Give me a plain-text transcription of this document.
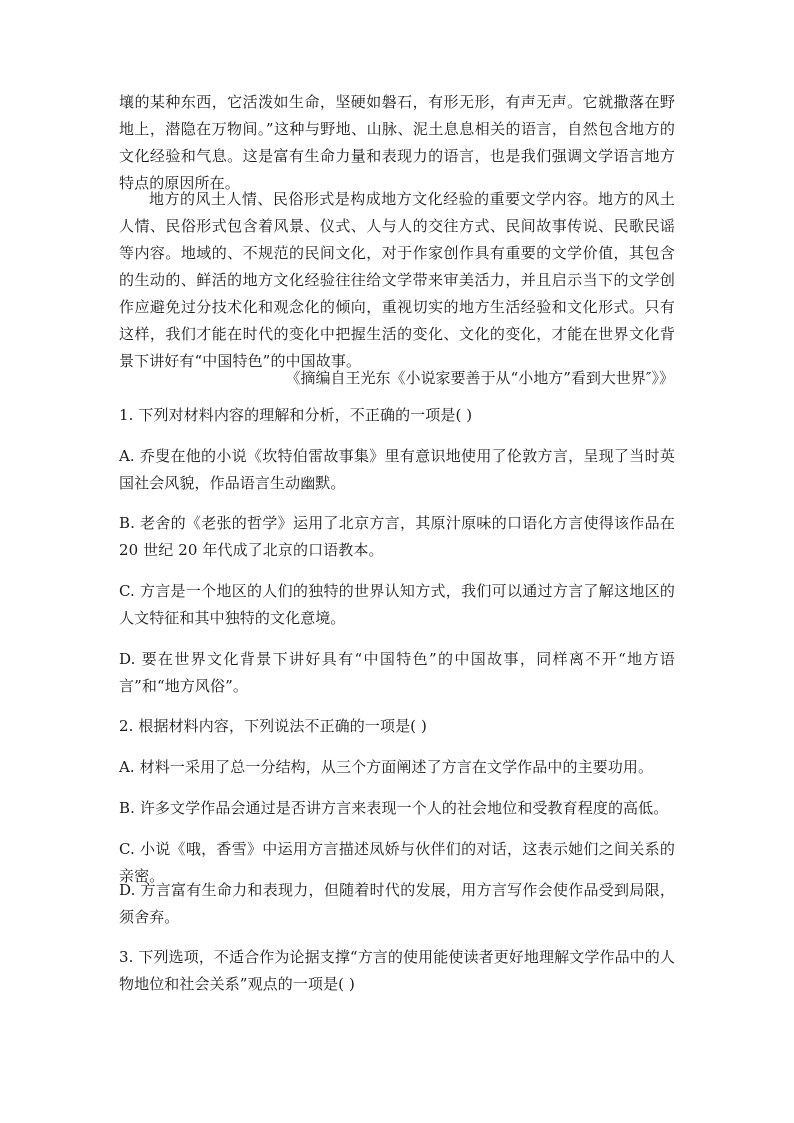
壤的某种东西，它活泼如生命，坚硬如磐石，有形无形，有声无声。它就撒落在野地上，潜隐在万物间。”这种与野地、山脉、泥土息息相关的语言，自然包含地方的文化经验和气息。这是富有生命力量和表现力的语言，也是我们强调文学语言地方特点的原因所在。

地方的风土人情、民俗形式是构成地方文化经验的重要文学内容。地方的风土人情、民俗形式包含着风景、仪式、人与人的交往方式、民间故事传说、民歌民谣等内容。地域的、不规范的民间文化，对于作家创作具有重要的文学价值，其包含的生动的、鲜活的地方文化经验往往给文学带来审美活力，并且启示当下的文学创作应避免过分技术化和观念化的倾向，重视切实的地方生活经验和文化形式。只有这样，我们才能在时代的变化中把握生活的变化、文化的变化，才能在世界文化背景下讲好有“中国特色”的中国故事。

《摘编自王光东《小说家要善于从“小地方”看到大世界″》》

1. 下列对材料内容的理解和分析，不正确的一项是( )

A. 乔叟在他的小说《坎特伯雷故事集》里有意识地使用了伦敦方言，呈现了当时英国社会风貌，作品语言生动幽默。

B. 老舍的《老张的哲学》运用了北京方言，其原汁原味的口语化方言使得该作品在 20 世纪 20 年代成了北京的口语教本。

C. 方言是一个地区的人们的独特的世界认知方式，我们可以通过方言了解这地区的人文特征和其中独特的文化意境。

D. 要在世界文化背景下讲好具有“中国特色”的中国故事，同样离不开“地方语言”和“地方风俗”。

2. 根据材料内容，下列说法不正确的一项是( )

A. 材料一采用了总一分结构，从三个方面阐述了方言在文学作品中的主要功用。

B. 许多文学作品会通过是否讲方言来表现一个人的社会地位和受教育程度的高低。

C. 小说《哦，香雪》中运用方言描述凤娇与伙伴们的对话，这表示她们之间关系的亲密。

D. 方言富有生命力和表现力，但随着时代的发展，用方言写作会使作品受到局限，须舍弃。

3. 下列选项，不适合作为论据支撑“方言的使用能使读者更好地理解文学作品中的人物地位和社会关系”观点的一项是( )
